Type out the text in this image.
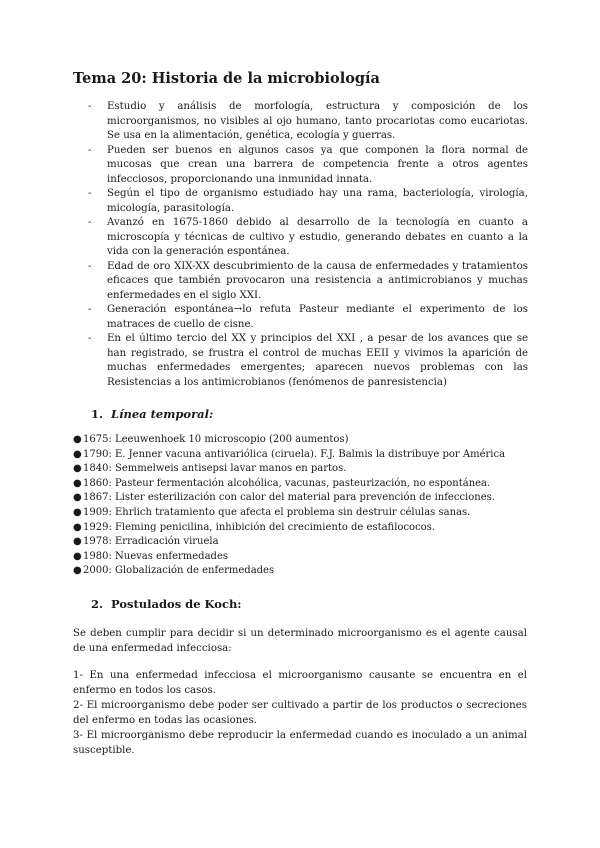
Tema 20: Historia de la microbiología
- Estudio y análisis de morfología, estructura y composición de los microorganismos, no visibles al ojo humano, tanto procariotas como eucariotas. Se usa en la alimentación, genética, ecología y guerras.
- Pueden ser buenos en algunos casos ya que componen la flora normal de mucosas que crean una barrera de competencia frente a otros agentes infecciosos, proporcionando una inmunidad innata.
- Según el tipo de organismo estudiado hay una rama, bacteriología, virología, micología, parasitología.
- Avanzó en 1675-1860 debido al desarrollo de la tecnología en cuanto a microscopía y técnicas de cultivo y estudio, generando debates en cuanto a la vida con la generación espontánea.
- Edad de oro XIX-XX descubrimiento de la causa de enfermedades y tratamientos eficaces que también provocaron una resistencia a antimicrobianos y muchas enfermedades en el siglo XXI.
- Generación espontánea→lo refuta Pasteur mediante el experimento de los matraces de cuello de cisne.
- En el último tercio del XX y principios del XXI , a pesar de los avances que se han registrado, se frustra el control de muchas EEII y vivimos la aparición de muchas enfermedades emergentes; aparecen nuevos problemas con las Resistencias a los antimicrobianos (fenómenos de panresistencia)
1. Línea temporal:
●1675: Leeuwenhoek 10 microscopio (200 aumentos)
●1790: E. Jenner vacuna antivariólica (ciruela). F.J. Balmis la distribuye por América
●1840: Semmelweis antisepsi lavar manos en partos.
●1860: Pasteur fermentación alcohólica, vacunas, pasteurización, no espontánea.
●1867: Lister esterilización con calor del material para prevención de infecciones.
●1909: Ehrlich tratamiento que afecta el problema sin destruir células sanas.
●1929: Fleming penicilina, inhibición del crecimiento de estafilococos.
●1978: Erradicación viruela
●1980: Nuevas enfermedades
●2000: Globalización de enfermedades
2. Postulados de Koch:

Se deben cumplir para decidir si un determinado microorganismo es el agente causal de una enfermedad infecciosa:

1- En una enfermedad infecciosa el microorganismo causante se encuentra en el enfermo en todos los casos.

2- El microorganismo debe poder ser cultivado a partir de los productos o secreciones del enfermo en todas las ocasiones.

3- El microorganismo debe reproducir la enfermedad cuando es inoculado a un animal susceptible.
